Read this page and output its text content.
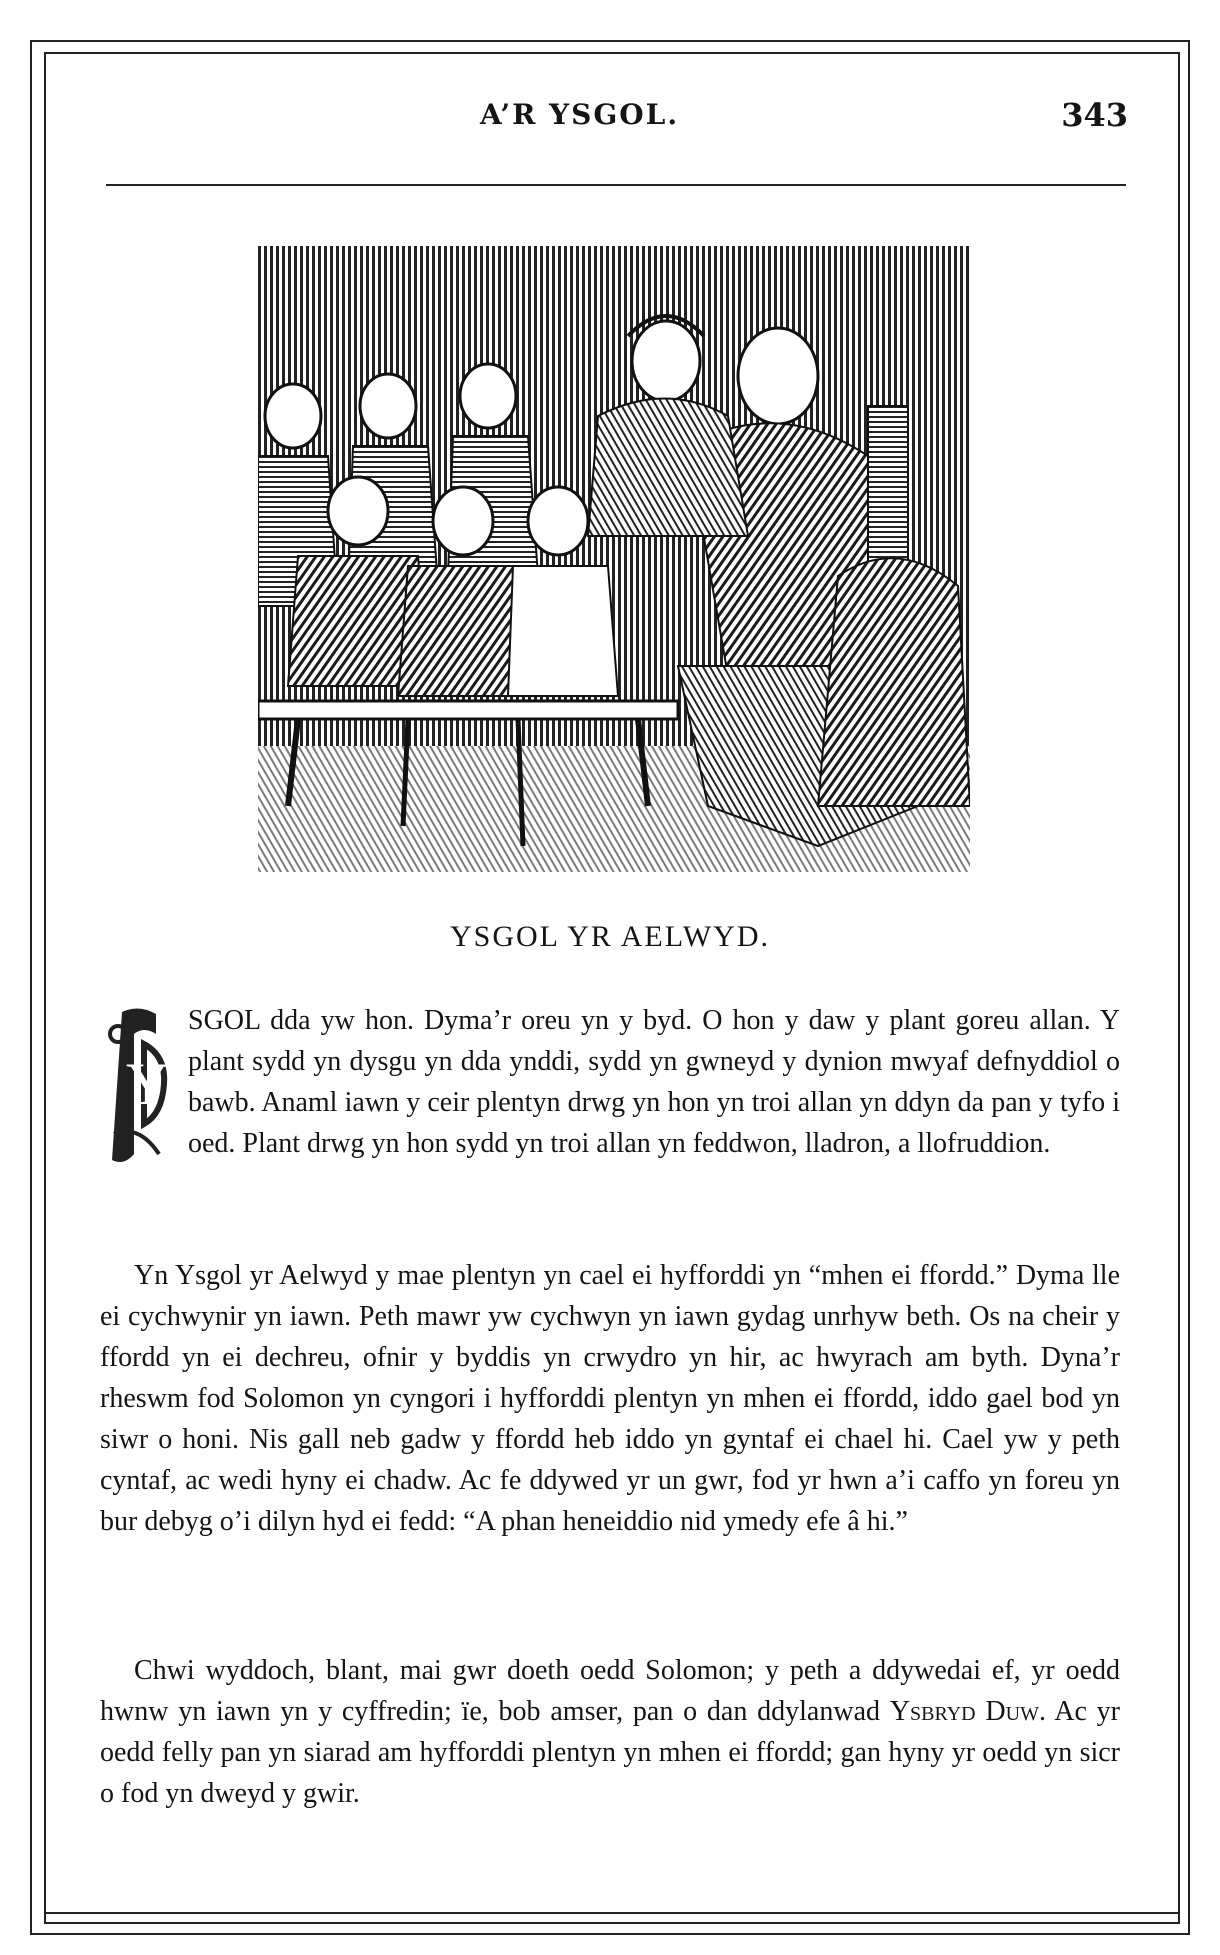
A’R YSGOL.	343
YSGOL YR AELWYD.
Y
SGOL dda yw hon. Dyma’r oreu yn y byd. O hon y daw y plant goreu allan. Y plant sydd yn dysgu yn dda ynddi, sydd yn gwneyd y dynion mwyaf defnyddiol o bawb. Anaml iawn y ceir plentyn drwg yn hon yn troi allan yn ddyn da pan y tyfo i oed. Plant drwg yn hon sydd yn troi allan yn feddwon, lladron, a llofruddion.
Yn Ysgol yr Aelwyd y mae plentyn yn cael ei hyfforddi yn “mhen ei ffordd.” Dyma lle ei cychwynir yn iawn. Peth mawr yw cychwyn yn iawn gydag unrhyw beth. Os na cheir y ffordd yn ei dechreu, ofnir y byddis yn crwydro yn hir, ac hwyrach am byth. Dyna’r rheswm fod Solomon yn cyngori i hyfforddi plentyn yn mhen ei ffordd, iddo gael bod yn siwr o honi. Nis gall neb gadw y ffordd heb iddo yn gyntaf ei chael hi. Cael yw y peth cyntaf, ac wedi hyny ei chadw. Ac fe ddywed yr un gwr, fod yr hwn a’i caffo yn foreu yn bur debyg o’i dilyn hyd ei fedd: “A phan heneiddio nid ymedy efe â hi.”
Chwi wyddoch, blant, mai gwr doeth oedd Solomon; y peth a ddywedai ef, yr oedd hwnw yn iawn yn y cyffredin; ïe, bob amser, pan o dan ddylanwad Ysbryd Duw. Ac yr oedd felly pan yn siarad am hyfforddi plentyn yn mhen ei ffordd; gan hyny yr oedd yn sicr o fod yn dweyd y gwir.
